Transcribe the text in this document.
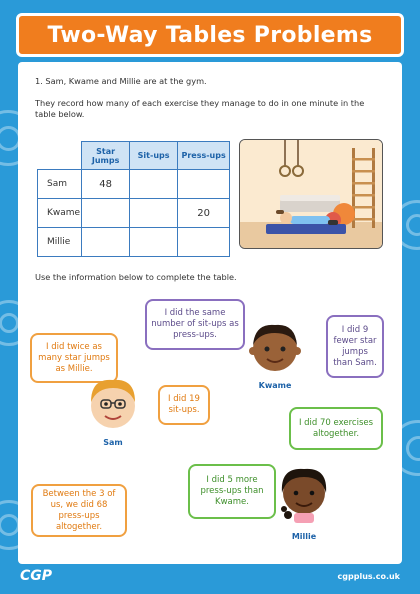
Two-Way Tables Problems
1. Sam, Kwame and Millie are at the gym.
They record how many of each exercise they manage to do in one minute in the table below.
	Star Jumps	Sit-ups	Press-ups
Sam	48		
Kwame			20
Millie			
Use the information below to complete the table.
I did the same number of sit-ups as press-ups.
I did 9 fewer star jumps than Sam.
I did twice as many star jumps as Millie.
I did 19 sit-ups.
I did 70 exercises altogether.
I did 5 more press-ups than Kwame.
Between the 3 of us, we did 68 press-ups altogether.
Kwame
Sam
Millie
CGP	cgpplus.co.uk
